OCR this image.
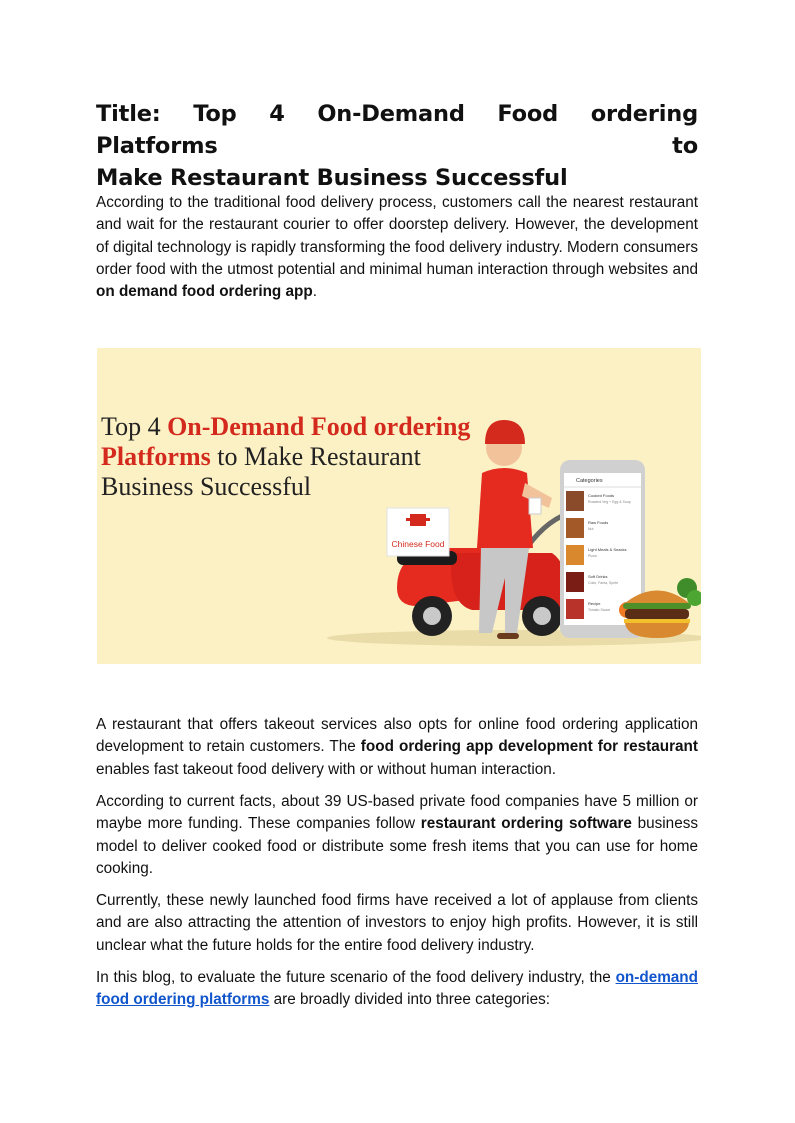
Title: Top 4 On-Demand Food ordering Platforms to
Make Restaurant Business Successful

According to the traditional food delivery process, customers call the nearest restaurant and wait for the restaurant courier to offer doorstep delivery. However, the development of digital technology is rapidly transforming the food delivery industry. Modern consumers order food with the utmost potential and minimal human interaction through websites and on demand food ordering app.

Chinese Food
Categories
Cooked Foods
Roasted Veg + Egg & Soup
Raw Foods
Nut
Light Meals & Snacks
Pizza
Soft Drinks
Coke, Fanta, Sprite
Recipe
Tomato Sauce
Top 4 On-Demand Food ordering
Platforms to Make Restaurant
Business Successful

A restaurant that offers takeout services also opts for online food ordering application development to retain customers. The food ordering app development for restaurant enables fast takeout food delivery with or without human interaction.

According to current facts, about 39 US-based private food companies have 5 million or maybe more funding. These companies follow restaurant ordering software business model to deliver cooked food or distribute some fresh items that you can use for home cooking.

Currently, these newly launched food firms have received a lot of applause from clients and are also attracting the attention of investors to enjoy high profits. However, it is still unclear what the future holds for the entire food delivery industry.

In this blog, to evaluate the future scenario of the food delivery industry, the on-demand food ordering platforms are broadly divided into three categories:
